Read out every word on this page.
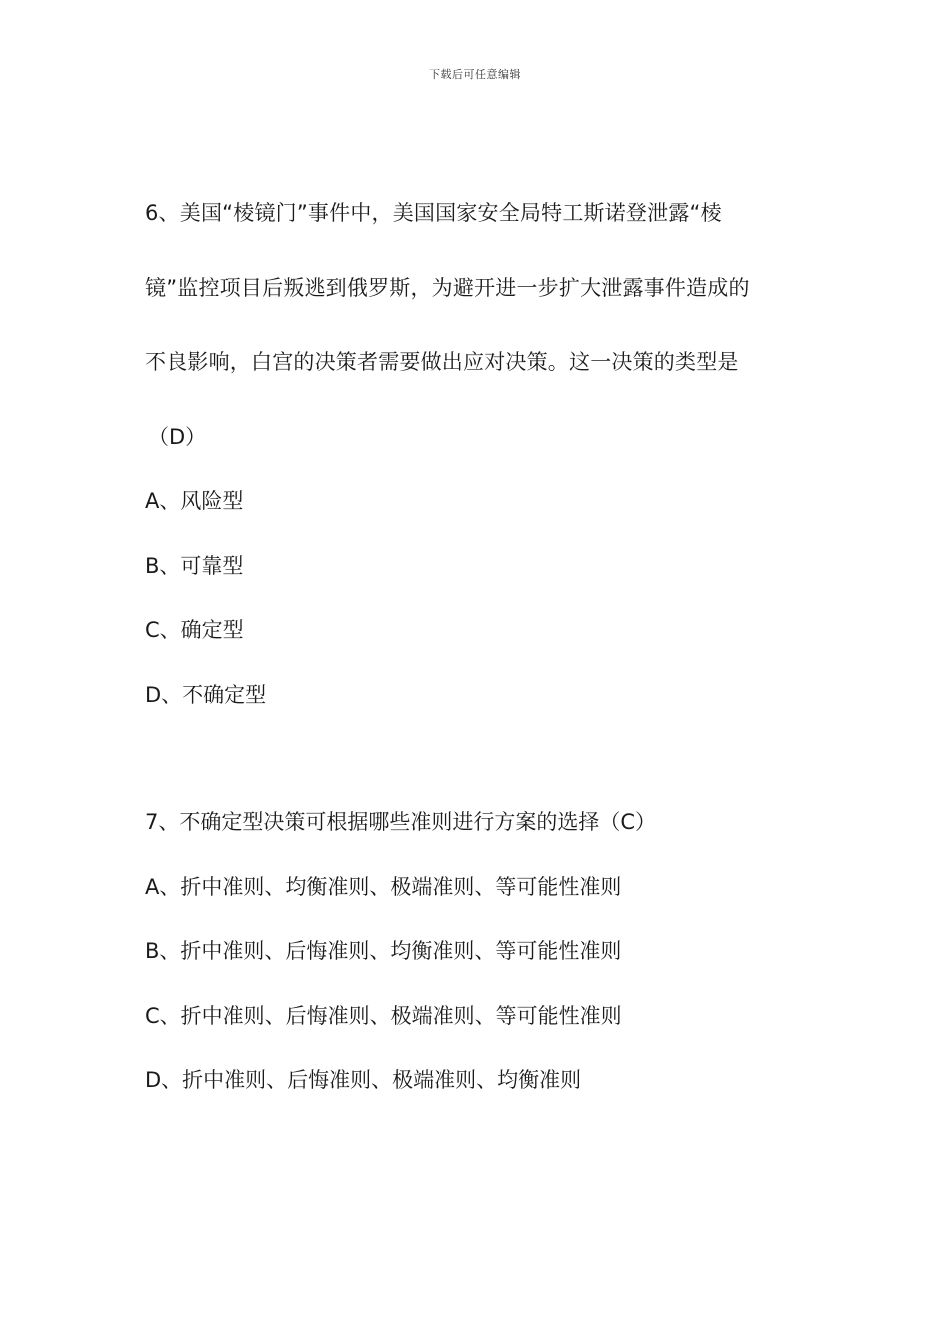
下载后可任意编辑
6、美国“棱镜门”事件中，美国国家安全局特工斯诺登泄露“棱
镜”监控项目后叛逃到俄罗斯，为避开进一步扩大泄露事件造成的
不良影响，白宫的决策者需要做出应对决策。这一决策的类型是
（D）
A、风险型
B、可靠型
C、确定型
D、不确定型
7、不确定型决策可根据哪些准则进行方案的选择（C）
A、折中准则、均衡准则、极端准则、等可能性准则
B、折中准则、后悔准则、均衡准则、等可能性准则
C、折中准则、后悔准则、极端准则、等可能性准则
D、折中准则、后悔准则、极端准则、均衡准则
